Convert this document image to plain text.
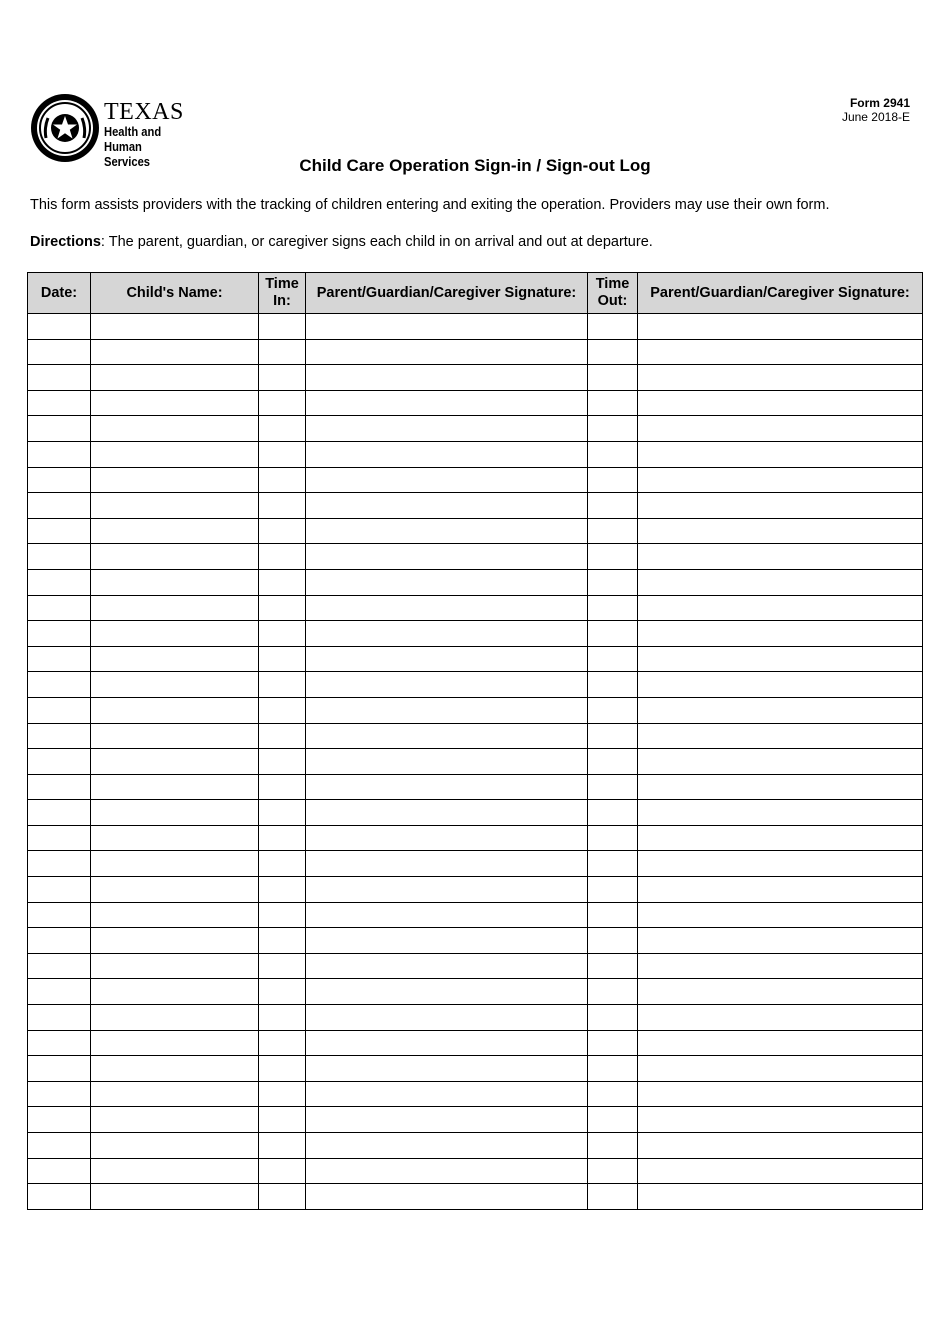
TEXAS
Health and Human
Services
Form 2941
June 2018-E
Child Care Operation Sign-in / Sign-out Log
This form assists providers with the tracking of children entering and exiting the operation. Providers may use their own form.
Directions: The parent, guardian, or caregiver signs each child in on arrival and out at departure.
Date:	Child's Name:	Time In:	Parent/Guardian/Caregiver Signature:	Time Out:	Parent/Guardian/Caregiver Signature:
